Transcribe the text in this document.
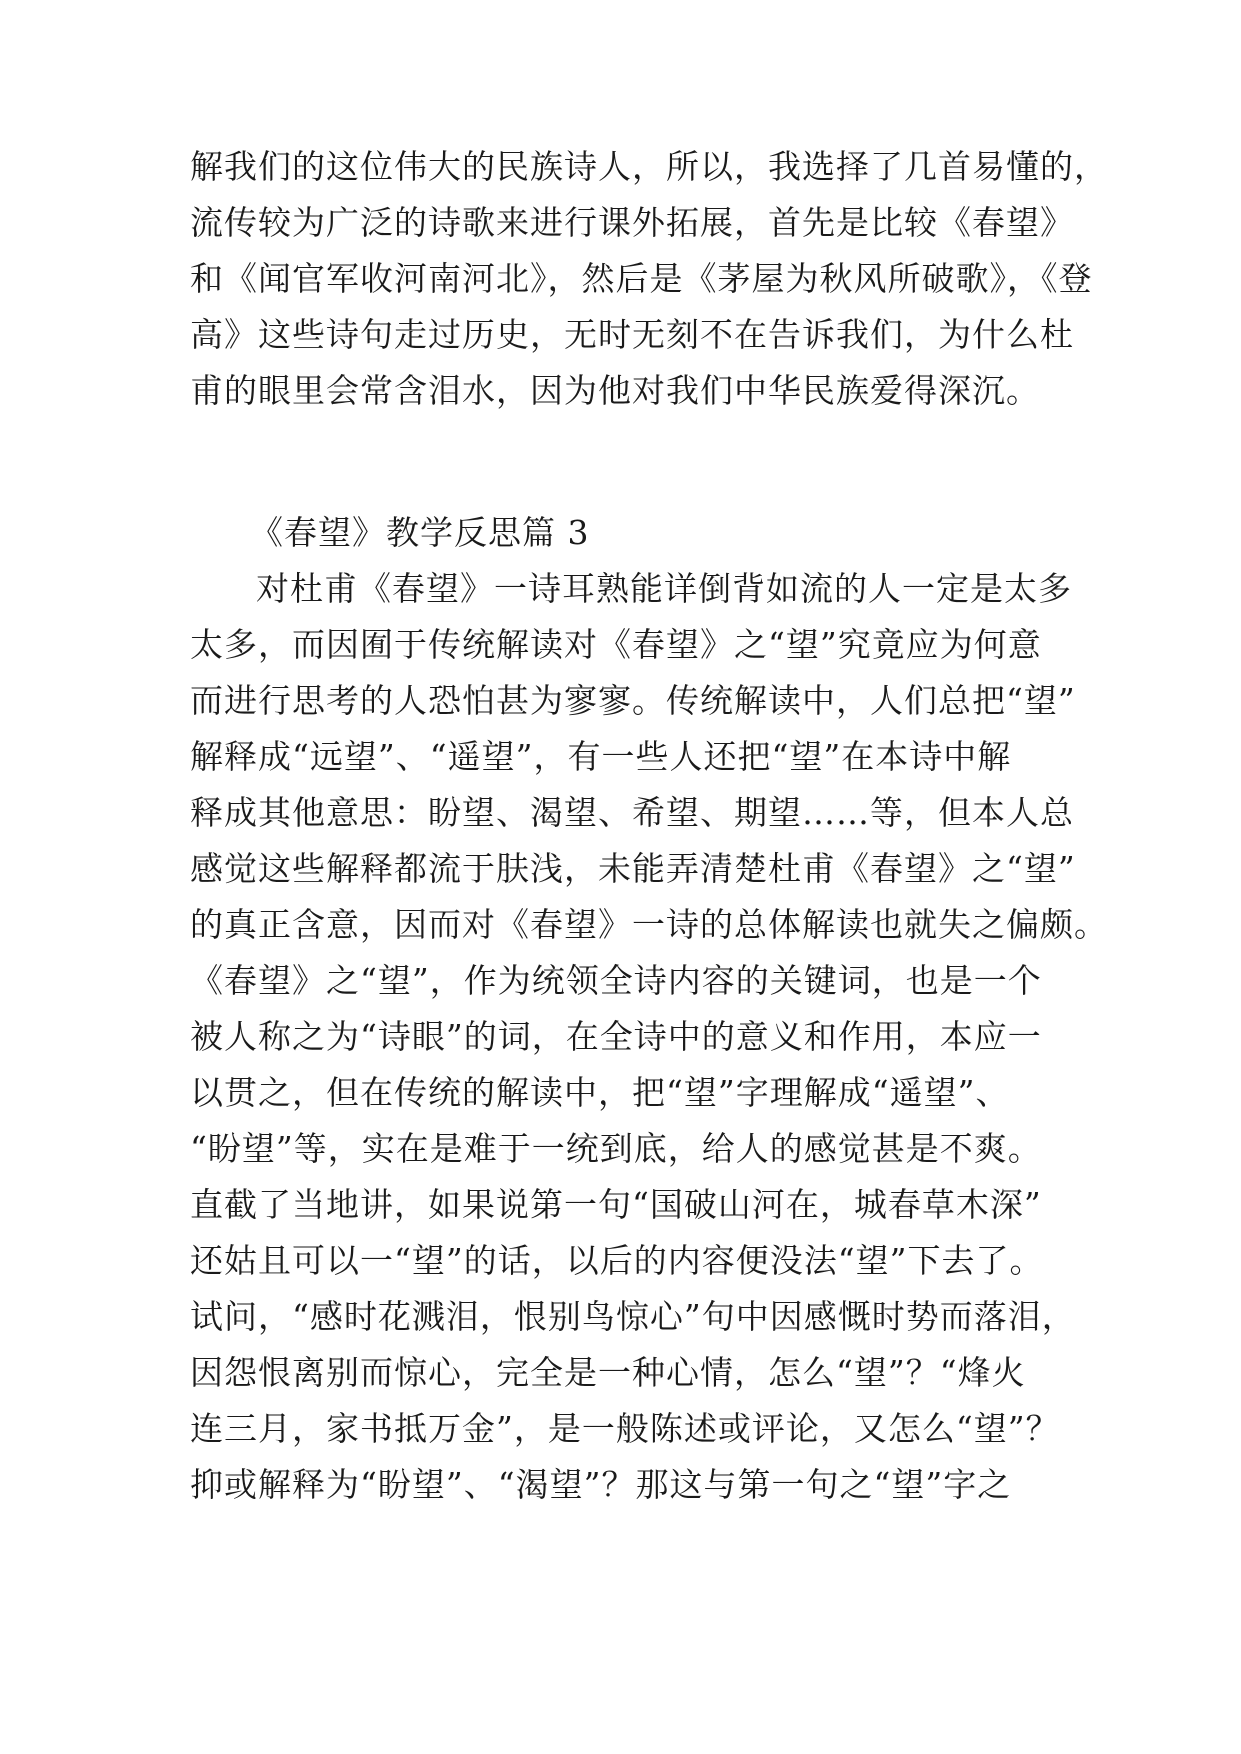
解我们的这位伟大的民族诗人，所以，我选择了几首易懂的，
流传较为广泛的诗歌来进行课外拓展，首先是比较《春望》
和《闻官军收河南河北》，然后是《茅屋为秋风所破歌》，《登
高》这些诗句走过历史，无时无刻不在告诉我们，为什么杜
甫的眼里会常含泪水，因为他对我们中华民族爱得深沉。
《春望》教学反思篇 3
对杜甫《春望》一诗耳熟能详倒背如流的人一定是太多
太多，而因囿于传统解读对《春望》之“望”究竟应为何意
而进行思考的人恐怕甚为寥寥。传统解读中，人们总把“望”
解释成“远望”、“遥望”，有一些人还把“望”在本诗中解
释成其他意思：盼望、渴望、希望、期望……等，但本人总
感觉这些解释都流于肤浅，未能弄清楚杜甫《春望》之“望”
的真正含意，因而对《春望》一诗的总体解读也就失之偏颇。
《春望》之“望”，作为统领全诗内容的关键词，也是一个
被人称之为“诗眼”的词，在全诗中的意义和作用，本应一
以贯之，但在传统的解读中，把“望”字理解成“遥望”、
“盼望”等，实在是难于一统到底，给人的感觉甚是不爽。
直截了当地讲，如果说第一句“国破山河在，城春草木深”
还姑且可以一“望”的话，以后的内容便没法“望”下去了。
试问，“感时花溅泪，恨别鸟惊心”句中因感慨时势而落泪，
因怨恨离别而惊心，完全是一种心情，怎么“望”？“烽火
连三月，家书抵万金”，是一般陈述或评论，又怎么“望”？
抑或解释为“盼望”、“渴望”？那这与第一句之“望”字之
